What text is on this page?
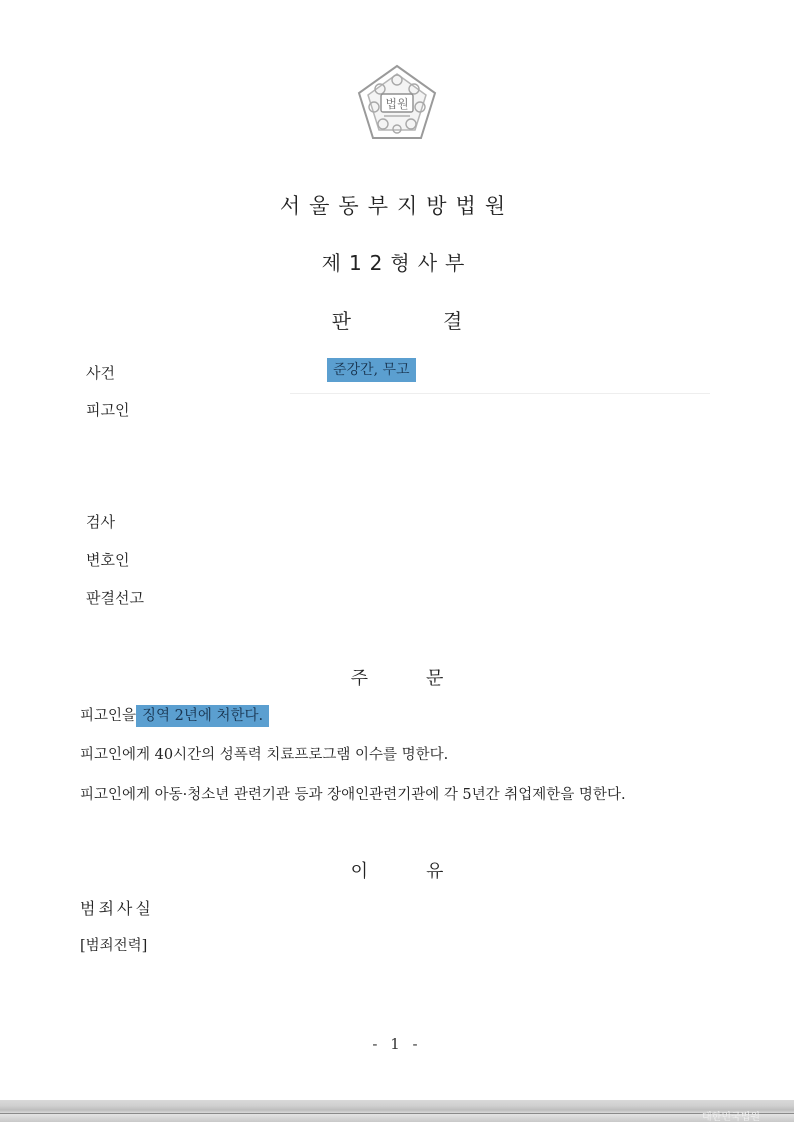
법원
서울동부지방법원
제12형사부
판결
사건	준강간, 무고
피고인
검사
변호인
판결선고
주문
피고인을 징역 2년에 처한다.
피고인에게 40시간의 성폭력 치료프로그램 이수를 명한다.
피고인에게 아동·청소년 관련기관 등과 장애인관련기관에 각 5년간 취업제한을 명한다.
이유
범죄사실
[범죄전력]
- 1 -
대한민국법원
